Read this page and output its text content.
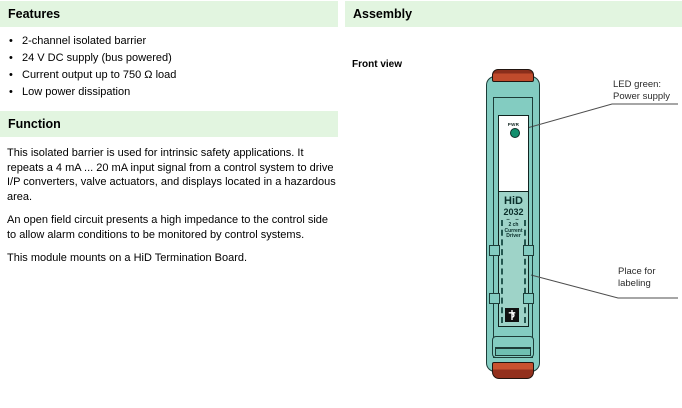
Features
• 2-channel isolated barrier
• 24 V DC supply (bus powered)
• Current output up to 750 Ω load
• Low power dissipation
Function

This isolated barrier is used for intrinsic safety applications. It repeats a 4 mA ... 20 mA input signal from a control system to drive I/P converters, valve actuators, and displays located in a hazardous area.

An open field circuit presents a high impedance to the control side to allow alarm conditions to be monitored by control systems.

This module mounts on a HiD Termination Board.

Assembly
Front view
PWR
HiD
2032
– –
2 ch
Current
Driver
LED green:
Power supply
Place for
labeling
